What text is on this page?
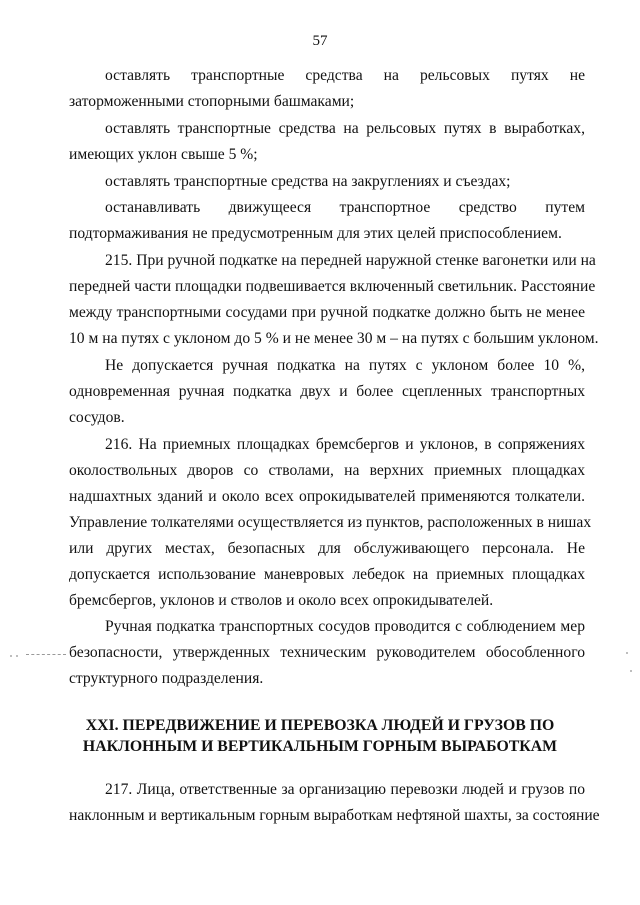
57
оставлять транспортные средства на рельсовых путях не
заторможенными стопорными башмаками;
оставлять транспортные средства на рельсовых путях в выработках,
имеющих уклон свыше 5 %;
оставлять транспортные средства на закруглениях и съездах;
останавливать движущееся транспортное средство путем
подтормаживания не предусмотренным для этих целей приспособлением.
215. При ручной подкатке на передней наружной стенке вагонетки или на
передней части площадки подвешивается включенный светильник. Расстояние
между транспортными сосудами при ручной подкатке должно быть не менее
10 м на путях с уклоном до 5 % и не менее 30 м – на путях с большим уклоном.
Не допускается ручная подкатка на путях с уклоном более 10 %,
одновременная ручная подкатка двух и более сцепленных транспортных
сосудов.
216. На приемных площадках бремсбергов и уклонов, в сопряжениях
околоствольных дворов со стволами, на верхних приемных площадках
надшахтных зданий и около всех опрокидывателей применяются толкатели.
Управление толкателями осуществляется из пунктов, расположенных в нишах
или других местах, безопасных для обслуживающего персонала. Не
допускается использование маневровых лебедок на приемных площадках
бремсбергов, уклонов и стволов и около всех опрокидывателей.
Ручная подкатка транспортных сосудов проводится с соблюдением мер
безопасности, утвержденных техническим руководителем обособленного
структурного подразделения.
XXI. ПЕРЕДВИЖЕНИЕ И ПЕРЕВОЗКА ЛЮДЕЙ И ГРУЗОВ ПО
НАКЛОННЫМ И ВЕРТИКАЛЬНЫМ ГОРНЫМ ВЫРАБОТКАМ
217. Лица, ответственные за организацию перевозки людей и грузов по
наклонным и вертикальным горным выработкам нефтяной шахты, за состояние
